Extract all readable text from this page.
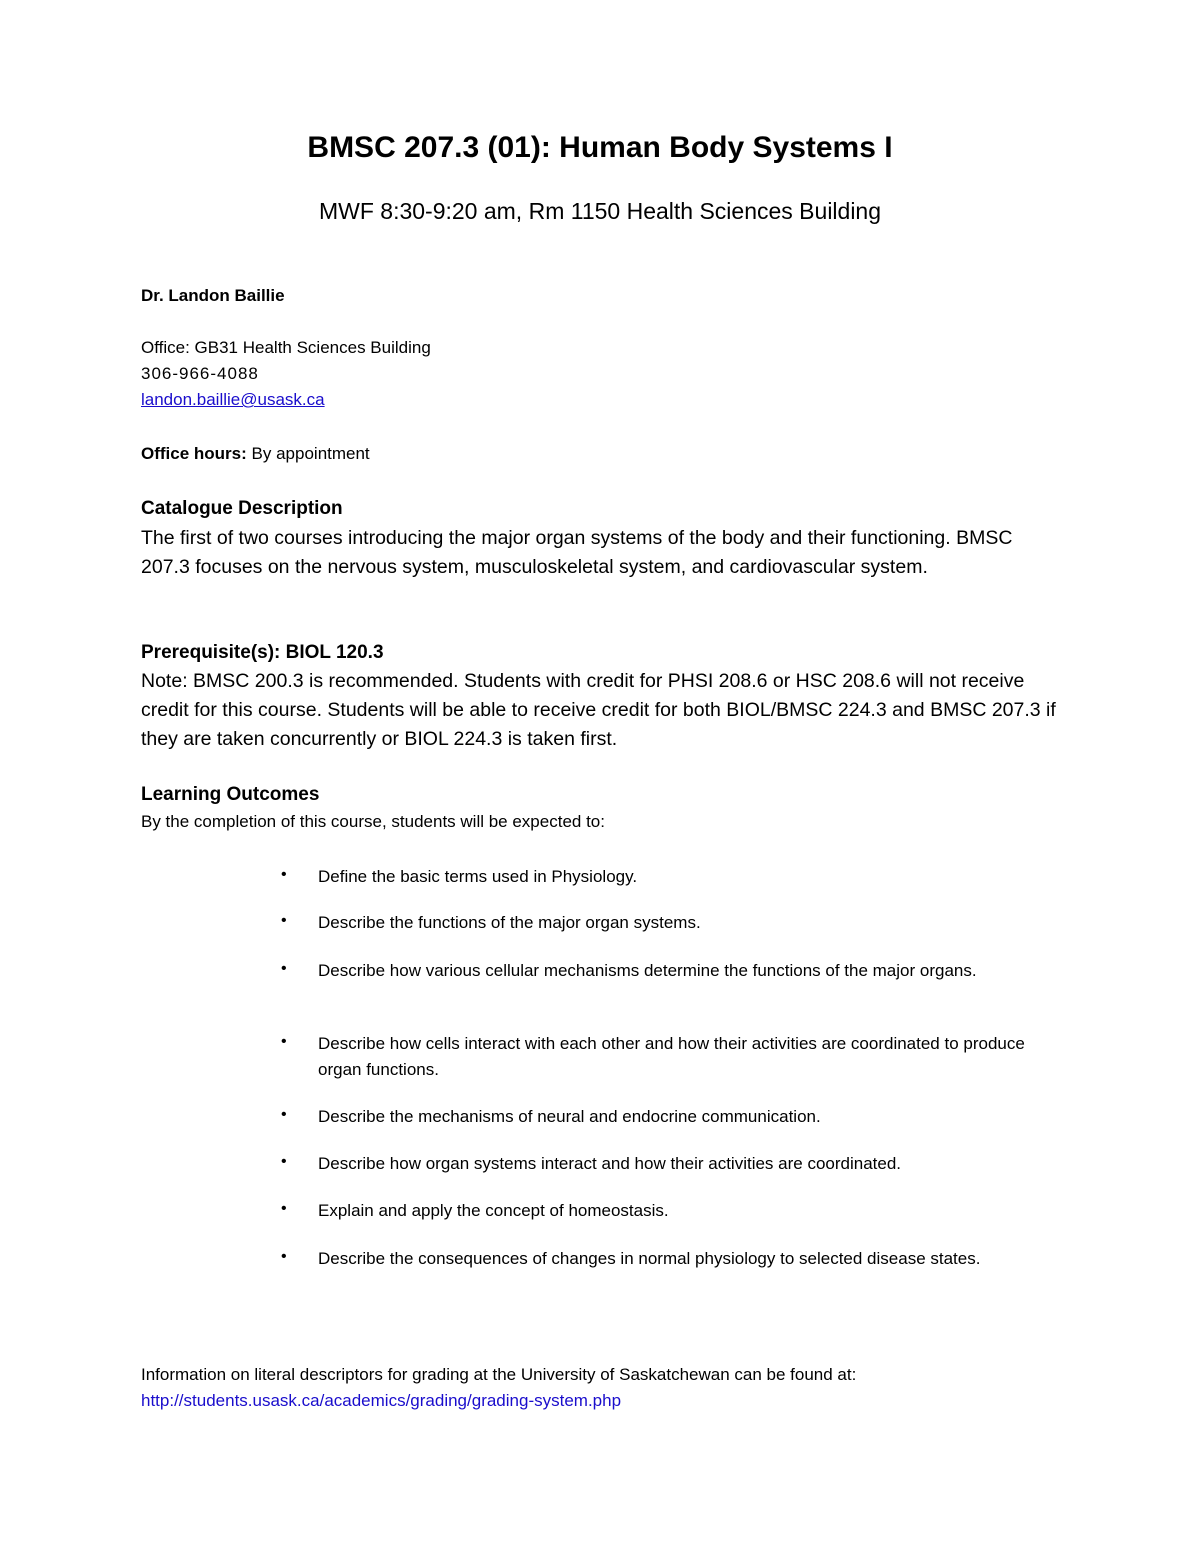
BMSC 207.3 (01): Human Body Systems I
MWF 8:30-9:20 am, Rm 1150 Health Sciences Building
Dr. Landon Baillie
Office: GB31 Health Sciences Building
306-966-4088
landon.baillie@usask.ca
Office hours: By appointment
Catalogue Description
The first of two courses introducing the major organ systems of the body and their functioning. BMSC 207.3 focuses on the nervous system, musculoskeletal system, and cardiovascular system.
Prerequisite(s): BIOL 120.3
Note: BMSC 200.3 is recommended. Students with credit for PHSI 208.6 or HSC 208.6 will not receive credit for this course. Students will be able to receive credit for both BIOL/BMSC 224.3 and BMSC 207.3 if they are taken concurrently or BIOL 224.3 is taken first.
Learning Outcomes
By the completion of this course, students will be expected to:
• Define the basic terms used in Physiology.
• Describe the functions of the major organ systems.
• Describe how various cellular mechanisms determine the functions of the major organs.
• Describe how cells interact with each other and how their activities are coordinated to produce organ functions.
• Describe the mechanisms of neural and endocrine communication.
• Describe how organ systems interact and how their activities are coordinated.
• Explain and apply the concept of homeostasis.
• Describe the consequences of changes in normal physiology to selected disease states.
Information on literal descriptors for grading at the University of Saskatchewan can be found at:
http://students.usask.ca/academics/grading/grading-system.php
